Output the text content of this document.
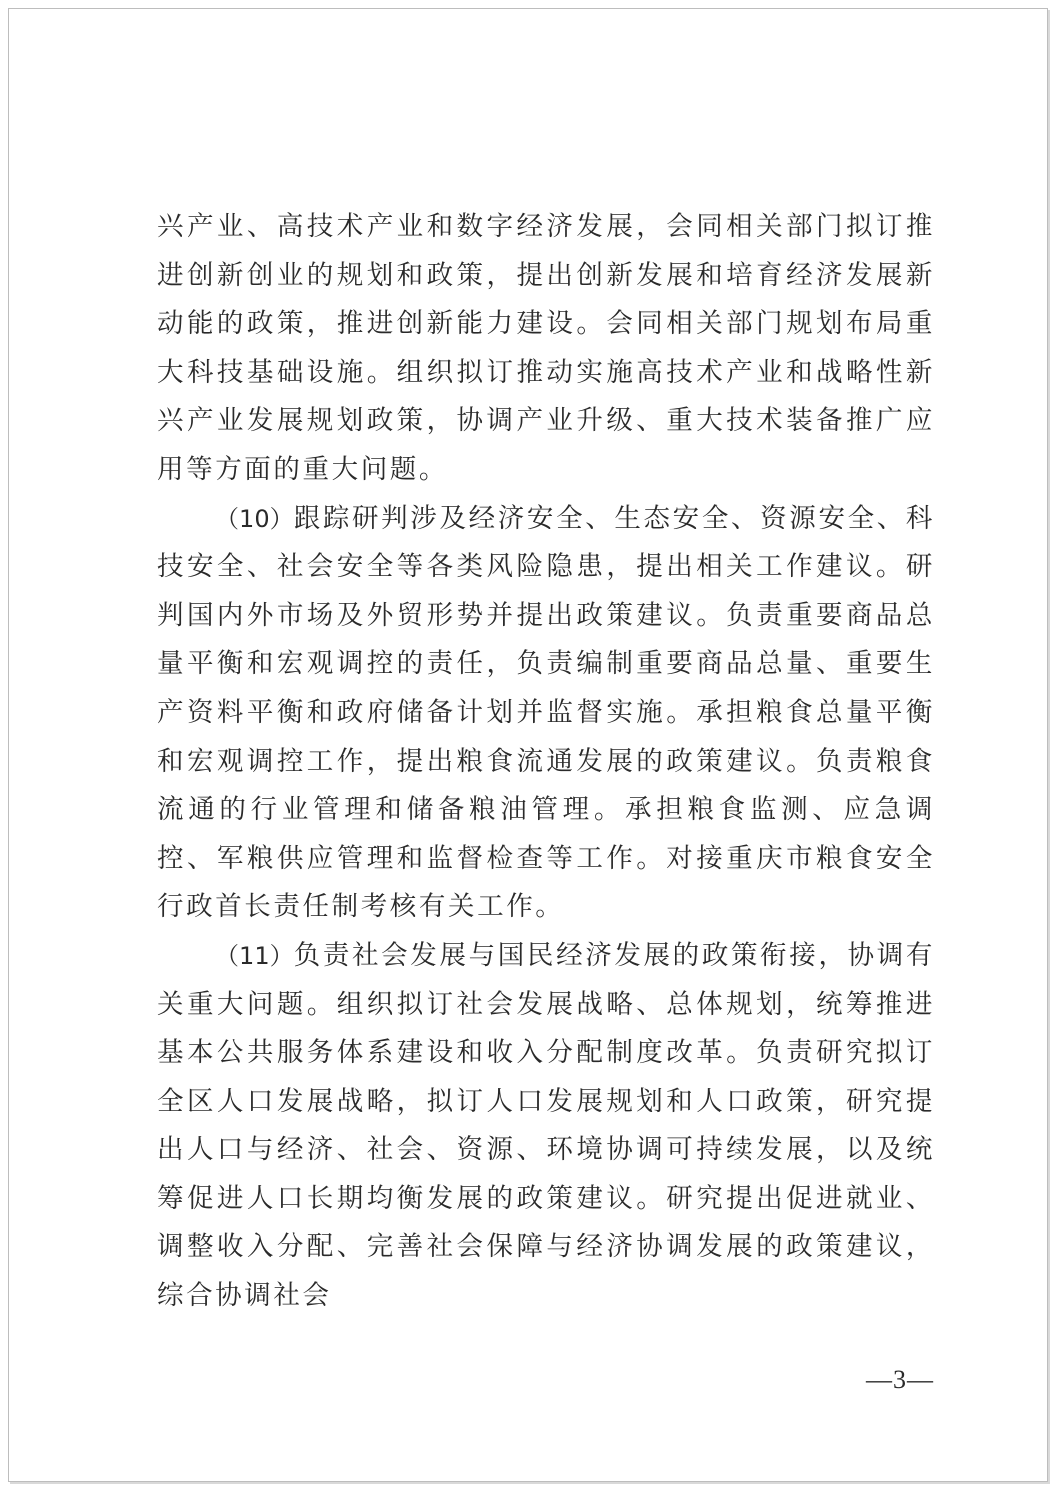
兴产业、高技术产业和数字经济发展，会同相关部门拟订推进创新创业的规划和政策，提出创新发展和培育经济发展新动能的政策，推进创新能力建设。会同相关部门规划布局重大科技基础设施。组织拟订推动实施高技术产业和战略性新兴产业发展规划政策，协调产业升级、重大技术装备推广应用等方面的重大问题。

（10）跟踪研判涉及经济安全、生态安全、资源安全、科技安全、社会安全等各类风险隐患，提出相关工作建议。研判国内外市场及外贸形势并提出政策建议。负责重要商品总量平衡和宏观调控的责任，负责编制重要商品总量、重要生产资料平衡和政府储备计划并监督实施。承担粮食总量平衡和宏观调控工作，提出粮食流通发展的政策建议。负责粮食流通的行业管理和储备粮油管理。承担粮食监测、应急调控、军粮供应管理和监督检查等工作。对接重庆市粮食安全行政首长责任制考核有关工作。

（11）负责社会发展与国民经济发展的政策衔接，协调有关重大问题。组织拟订社会发展战略、总体规划，统筹推进基本公共服务体系建设和收入分配制度改革。负责研究拟订全区人口发展战略，拟订人口发展规划和人口政策，研究提出人口与经济、社会、资源、环境协调可持续发展，以及统筹促进人口长期均衡发展的政策建议。研究提出促进就业、调整收入分配、完善社会保障与经济协调发展的政策建议，综合协调社会

—3—
